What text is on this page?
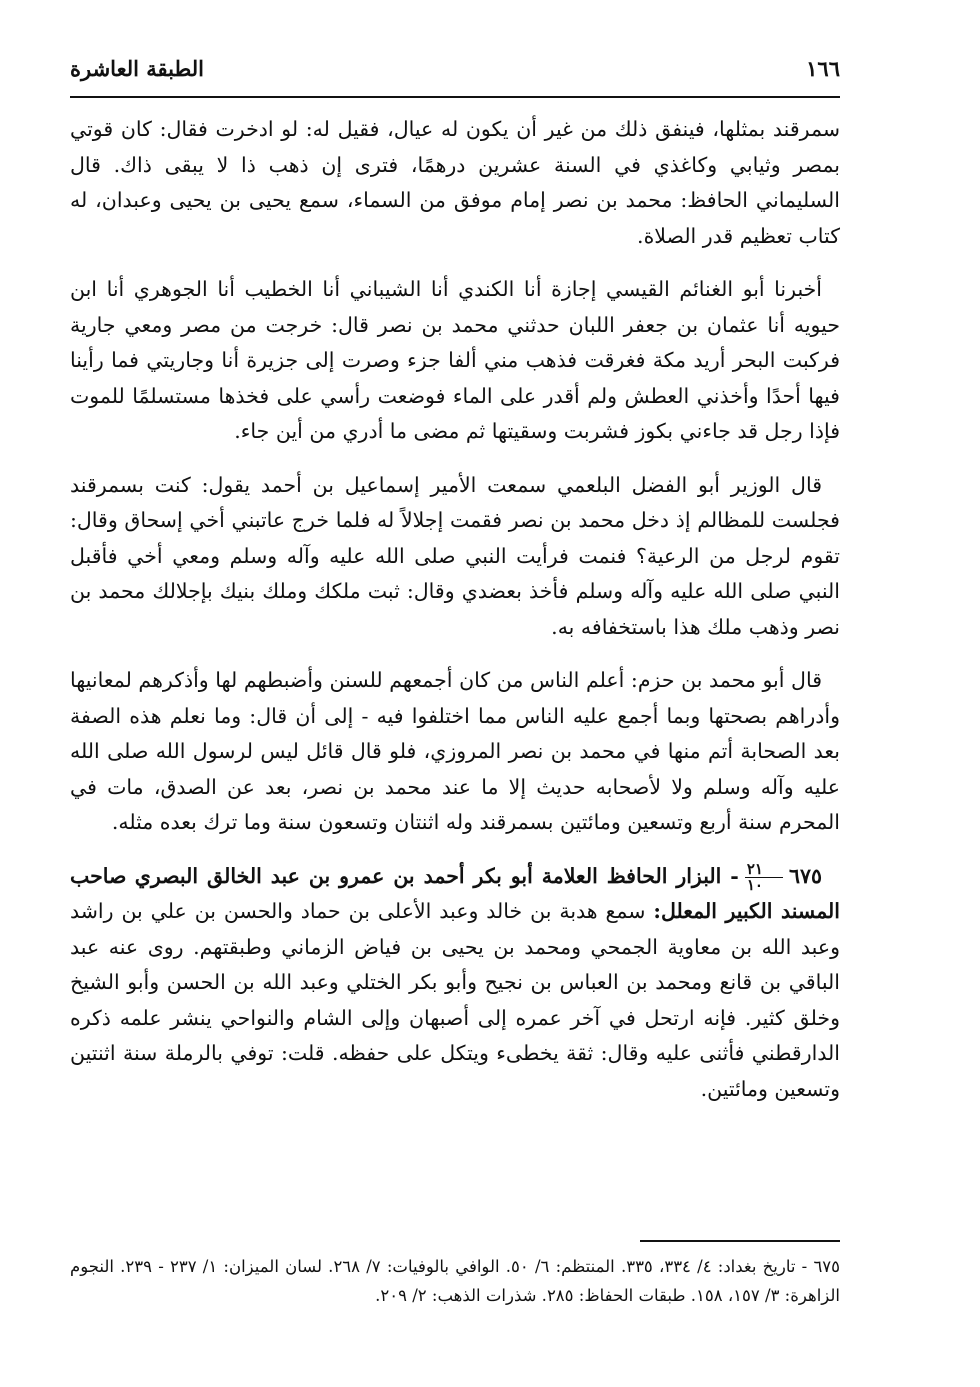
١٦٦
الطبقة العاشرة

سمرقند بمثلها، فينفق ذلك من غير أن يكون له عيال، فقيل له: لو ادخرت فقال: كان قوتي بمصر وثيابي وكاغذي في السنة عشرين درهمًا، فترى إن ذهب ذا لا يبقى ذاك. قال السليماني الحافظ: محمد بن نصر إمام موفق من السماء، سمع يحيى بن يحيى وعبدان، له كتاب تعظيم قدر الصلاة.

أخبرنا أبو الغنائم القيسي إجازة أنا الكندي أنا الشيباني أنا الخطيب أنا الجوهري أنا ابن حيويه أنا عثمان بن جعفر اللبان حدثني محمد بن نصر قال: خرجت من مصر ومعي جارية فركبت البحر أريد مكة فغرقت فذهب مني ألفا جزء وصرت إلى جزيرة أنا وجاريتي فما رأينا فيها أحدًا وأخذني العطش ولم أقدر على الماء فوضعت رأسي على فخذها مستسلمًا للموت فإذا رجل قد جاءني بكوز فشربت وسقيتها ثم مضى ما أدري من أين جاء.

قال الوزير أبو الفضل البلعمي سمعت الأمير إسماعيل بن أحمد يقول: كنت بسمرقند فجلست للمظالم إذ دخل محمد بن نصر فقمت إجلالاً له فلما خرج عاتبني أخي إسحاق وقال: تقوم لرجل من الرعية؟ فنمت فرأيت النبي صلى الله عليه وآله وسلم ومعي أخي فأقبل النبي صلى الله عليه وآله وسلم فأخذ بعضدي وقال: ثبت ملكك وملك بنيك بإجلالك محمد بن نصر وذهب ملك هذا باستخفافه به.

قال أبو محمد بن حزم: أعلم الناس من كان أجمعهم للسنن وأضبطهم لها وأذكرهم لمعانيها وأدراهم بصحتها وبما أجمع عليه الناس مما اختلفوا فيه - إلى أن قال: وما نعلم هذه الصفة بعد الصحابة أتم منها في محمد بن نصر المروزي، فلو قال قائل ليس لرسول الله صلى الله عليه وآله وسلم ولا لأصحابه حديث إلا ما عند محمد بن نصر، بعد عن الصدق، مات في المحرم سنة أربع وتسعين ومائتين بسمرقند وله اثنتان وتسعون سنة وما ترك بعده مثله.

٦٧٥
$\frac{٢١}{١٠}$
- البزار الحافظ العلامة أبو بكر أحمد بن عمرو بن عبد الخالق البصري صاحب المسند الكبير المعلل: سمع هدبة بن خالد وعبد الأعلى بن حماد والحسن بن علي بن راشد وعبد الله بن معاوية الجمحي ومحمد بن يحيى بن فياض الزماني وطبقتهم. روى عنه عبد الباقي بن قانع ومحمد بن العباس بن نجيح وأبو بكر الختلي وعبد الله بن الحسن وأبو الشيخ وخلق كثير. فإنه ارتحل في آخر عمره إلى أصبهان وإلى الشام والنواحي ينشر علمه ذكره الدارقطني فأثنى عليه وقال: ثقة يخطىء ويتكل على حفظه. قلت: توفي بالرملة سنة اثنتين وتسعين ومائتين.

٦٧٥ - تاريخ بغداد: ٤/ ٣٣٤، ٣٣٥. المنتظم: ٦/ ٥٠. الوافي بالوفيات: ٧/ ٢٦٨. لسان الميزان: ١/ ٢٣٧ - ٢٣٩. النجوم الزاهرة: ٣/ ١٥٧، ١٥٨. طبقات الحفاظ: ٢٨٥. شذرات الذهب: ٢/ ٢٠٩.
